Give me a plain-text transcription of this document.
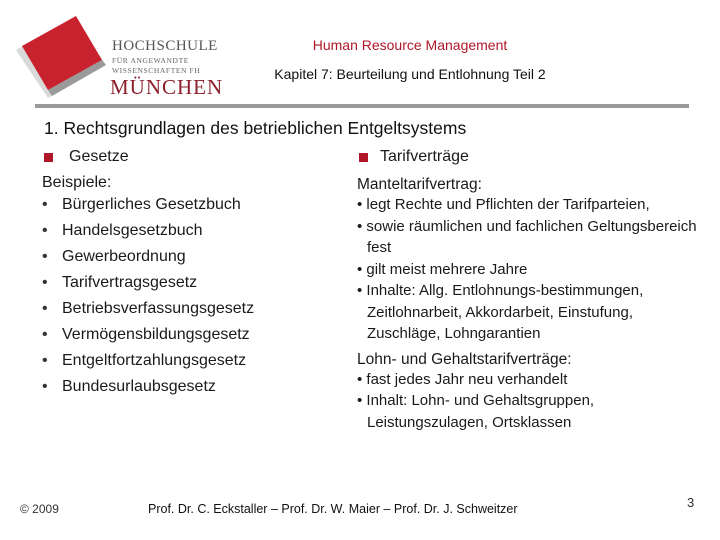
HOCHSCHULE
FÜR ANGEWANDTE
WISSENSCHAFTEN FH
MÜNCHEN
Human Resource Management
Kapitel 7: Beurteilung und Entlohnung Teil 2
1. Rechtsgrundlagen des betrieblichen Entgeltsystems
Gesetze
Beispiele:
• Bürgerliches Gesetzbuch
• Handelsgesetzbuch
• Gewerbeordnung
• Tarifvertragsgesetz
• Betriebsverfassungsgesetz
• Vermögensbildungsgesetz
• Entgeltfortzahlungsgesetz
• Bundesurlaubsgesetz
Tarifverträge
Manteltarifvertrag:
• legt Rechte und Pflichten der Tarifparteien,
• sowie räumlichen und fachlichen Geltungsbereich fest
• gilt meist mehrere Jahre
• Inhalte: Allg. Entlohnungs-bestimmungen, Zeitlohnarbeit, Akkordarbeit, Einstufung, Zuschläge, Lohngarantien
Lohn- und Gehaltstarifverträge:
• fast jedes Jahr neu verhandelt
• Inhalt: Lohn- und Gehaltsgruppen, Leistungszulagen, Ortsklassen
© 2009	Prof. Dr. C. Eckstaller – Prof. Dr. W. Maier – Prof. Dr. J. Schweitzer	3
